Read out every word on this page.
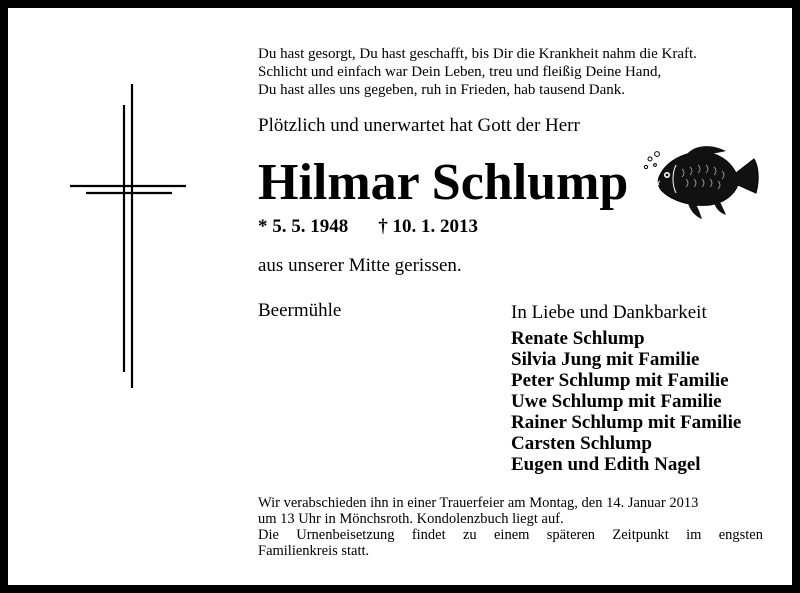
Du hast gesorgt, Du hast geschafft, bis Dir die Krankheit nahm die Kraft.
Schlicht und einfach war Dein Leben, treu und fleißig Deine Hand,
Du hast alles uns gegeben, ruh in Frieden, hab tausend Dank.
Plötzlich und unerwartet hat Gott der Herr
Hilmar Schlump
* 5. 5. 1948 † 10. 1. 2013
aus unserer Mitte gerissen.
Beermühle	In Liebe und Dankbarkeit
Renate Schlump
Silvia Jung mit Familie
Peter Schlump mit Familie
Uwe Schlump mit Familie
Rainer Schlump mit Familie
Carsten Schlump
Eugen und Edith Nagel
Wir verabschieden ihn in einer Trauerfeier am Montag, den 14. Januar 2013
um 13 Uhr in Mönchsroth. Kondolenzbuch liegt auf.
Die Urnenbeisetzung findet zu einem späteren Zeitpunkt im engsten
Familienkreis statt.
